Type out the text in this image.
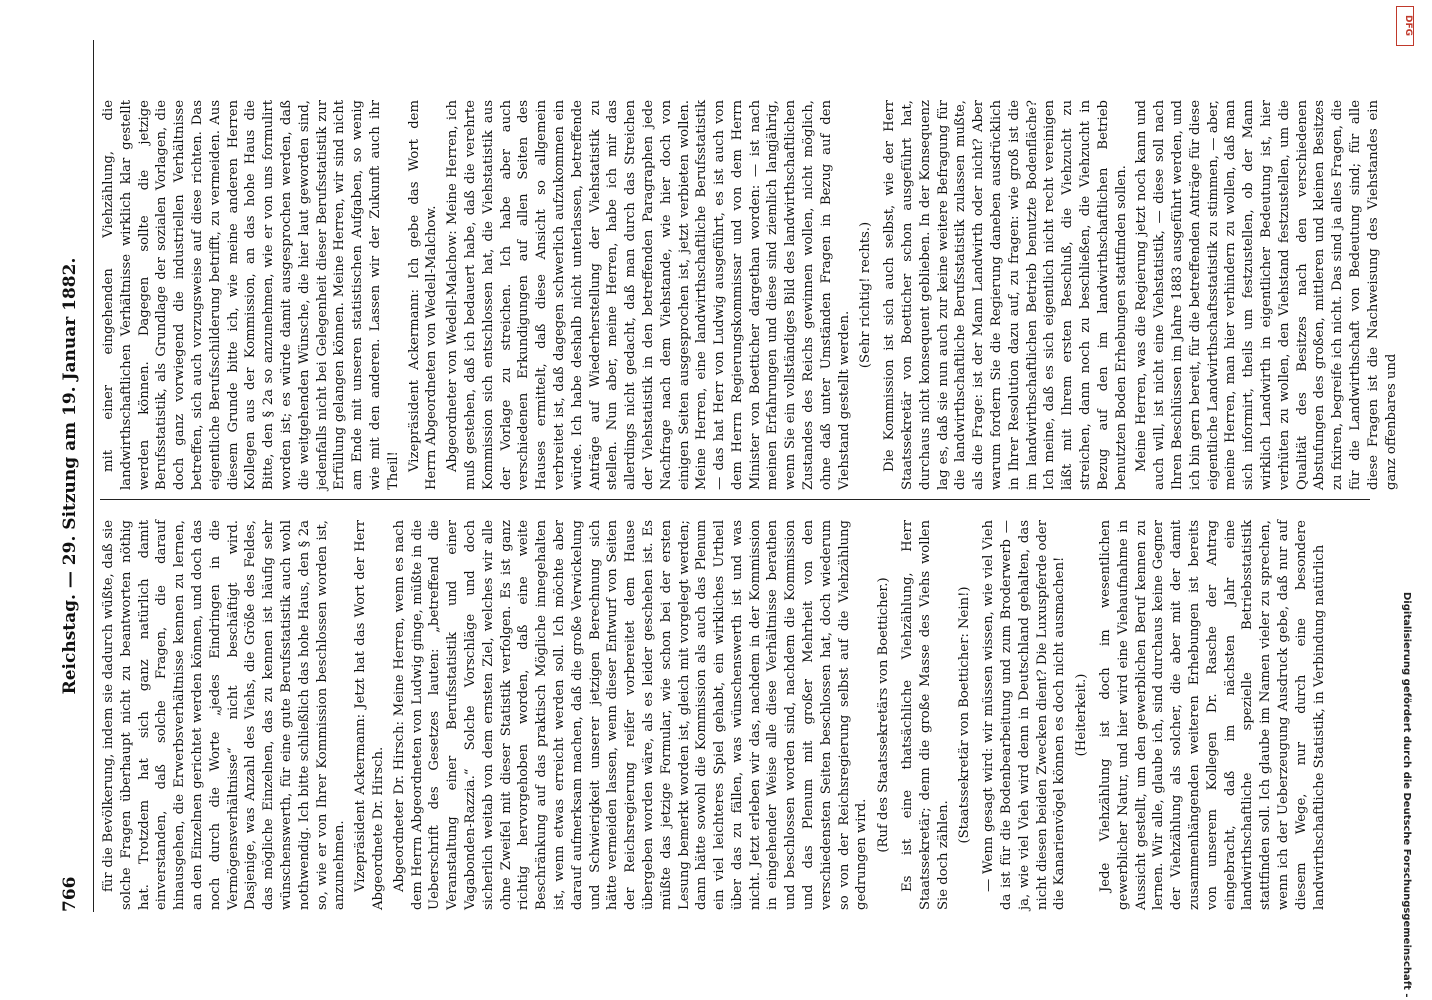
766
Reichstag. — 29. Sitzung am 19. Januar 1882.

für die Bevölkerung, indem sie dadurch wüßte, daß sie solche Fragen überhaupt nicht zu beantworten nöthig hat. Trotzdem hat sich ganz natürlich damit einverstanden, daß solche Fragen, die darauf hinausgehen, die Erwerbsverhältnisse kennen zu lernen, an den Einzelnen gerichtet werden können, und doch das noch durch die Worte „jedes Eindringen in die Vermögensverhältnisse“ nicht beschäftigt wird. Dasjenige, was Anzahl des Viehs, die Größe des Feldes, das mögliche Einzelnen, das zu kennen ist häufig sehr wünschenswerth, für eine gute Berufsstatistik auch wohl nothwendig. Ich bitte schließlich das hohe Haus, den § 2a so, wie er von Ihrer Kommission beschlossen worden ist, anzunehmen. Vizepräsident Ackermann: Jetzt hat das Wort der Herr Abgeordnete Dr. Hirsch. Abgeordneter Dr. Hirsch: Meine Herren, wenn es nach dem Herrn Abgeordneten von Ludwig ginge, müßte in die Ueberschrift des Gesetzes lauten: „betreffend die Veranstaltung einer Berufsstatistik und einer Vagabonden-Razzia.“ Solche Vorschläge und doch sicherlich weitab von dem ernsten Ziel, welches wir alle ohne Zweifel mit dieser Statistik verfolgen. Es ist ganz richtig hervorgehoben worden, daß eine weite Beschränkung auf das praktisch Mögliche innegehalten ist, wenn etwas erreicht werden soll. Ich möchte aber darauf aufmerksam machen, daß die große Verwickelung und Schwierigkeit unserer jetzigen Berechnung sich hätte vermeiden lassen, wenn dieser Entwurf von Seiten der Reichsregierung reifer vorbereitet dem Hause übergeben worden wäre, als es leider geschehen ist. Es müßte das jetzige Formular, wie schon bei der ersten Lesung bemerkt worden ist, gleich mit vorgelegt werden; dann hätte sowohl die Kommission als auch das Plenum ein viel leichteres Spiel gehabt, ein wirkliches Urtheil über das zu fällen, was wünschenswerth ist und was nicht. Jetzt erleben wir das, nachdem in der Kommission in eingehender Weise alle diese Verhältnisse berathen und beschlossen worden sind, nachdem die Kommission und das Plenum mit großer Mehrheit von den verschiedensten Seiten beschlossen hat, doch wiederum so von der Reichsregierung selbst auf die Viehzählung gedrungen wird.

(Ruf des Staatssekretärs von Boetticher.) Es ist eine thatsächliche Viehzählung, Herr Staatssekretär; denn die große Masse des Viehs wollen Sie doch zählen.

(Staatssekretär von Boetticher: Nein!) — Wenn gesagt wird: wir müssen wissen, wie viel Vieh da ist für die Bodenbearbeitung und zum Broderwerb — ja, wie viel Vieh wird denn in Deutschland gehalten, das nicht diesen beiden Zwecken dient? Die Luxuspferde oder die Kanarienvögel können es doch nicht ausmachen! (Heiterkeit.) Jede Viehzählung ist doch im wesentlichen gewerblicher Natur, und hier wird eine Viehaufnahme in Aussicht gestellt, um den gewerblichen Beruf kennen zu lernen. Wir alle, glaube ich, sind durchaus keine Gegner der Viehzählung als solcher, die aber mit der damit zusammenhängenden weiteren Erhebungen ist bereits von unserem Kollegen Dr. Rasche der Antrag eingebracht, daß im nächsten Jahr eine landwirthschaftliche spezielle Betriebsstatistik stattfinden soll. Ich glaube im Namen vieler zu sprechen, wenn ich der Ueberzeugung Ausdruck gebe, daß nur auf diesem Wege, nur durch eine besondere landwirthschaftliche Statistik, in Verbindung natürlich

mit einer eingehenden Viehzählung, die landwirthschaftlichen Verhältnisse wirklich klar gestellt werden können. Dagegen sollte die jetzige Berufsstatistik, als Grundlage der sozialen Vorlagen, die doch ganz vorwiegend die industriellen Verhältnisse betreffen, sich auch vorzugsweise auf diese richten. Das eigentliche Berufsschilderung betrifft, zu vermeiden. Aus diesem Grunde bitte ich, wie meine anderen Herren Kollegen aus der Kommission, an das hohe Haus die Bitte, den § 2a so anzunehmen, wie er von uns formulirt worden ist; es würde damit ausgesprochen werden, daß die weitgehenden Wünsche, die hier laut geworden sind, jedenfalls nicht bei Gelegenheit dieser Berufsstatistik zur Erfüllung gelangen können. Meine Herren, wir sind nicht am Ende mit unseren statistischen Aufgaben, so wenig wie mit den anderen. Lassen wir der Zukunft auch ihr Theil! Vizepräsident Ackermann: Ich gebe das Wort dem Herrn Abgeordneten von Wedell-Malchow. Abgeordneter von Wedell-Malchow: Meine Herren, ich muß gestehen, daß ich bedauert habe, daß die verehrte Kommission sich entschlossen hat, die Viehstatistik aus der Vorlage zu streichen. Ich habe aber auch verschiedenen Erkundigungen auf allen Seiten des Hauses ermittelt, daß diese Ansicht so allgemein verbreitet ist, daß dagegen schwerlich aufzukommen ein würde. Ich habe deshalb nicht unterlassen, betreffende Anträge auf Wiederherstellung der Viehstatistik zu stellen. Nun aber, meine Herren, habe ich mir das allerdings nicht gedacht, daß man durch das Streichen der Viehstatistik in den betreffenden Paragraphen jede Nachfrage nach dem Viehstande, wie hier doch von einigen Seiten ausgesprochen ist, jetzt verbieten wollen. Meine Herren, eine landwirthschaftliche Berufsstatistik — das hat Herr von Ludwig ausgeführt, es ist auch von dem Herrn Regierungskommissar und von dem Herrn Minister von Boetticher dargethan worden: — ist nach meinen Erfahrungen und diese sind ziemlich langjährig, wenn Sie ein vollständiges Bild des landwirthschaftlichen Zustandes des Reichs gewinnen wollen, nicht möglich, ohne daß unter Umständen Fragen in Bezug auf den Viehstand gestellt werden.

(Sehr richtig! rechts.) Die Kommission ist sich auch selbst, wie der Herr Staatssekretär von Boetticher schon ausgeführt hat, durchaus nicht konsequent geblieben. In der Konsequenz lag es, daß sie nun auch zur keine weitere Befragung für die landwirthschaftliche Berufsstatistik zulassen mußte, als die Frage: ist der Mann Landwirth oder nicht? Aber warum fordern Sie die Regierung daneben ausdrücklich in Ihrer Resolution dazu auf, zu fragen: wie groß ist die im landwirthschaftlichen Betrieb benutzte Bodenfläche? Ich meine, daß es sich eigentlich nicht recht vereinigen läßt mit Ihrem ersten Beschluß, die Viehzucht zu streichen, dann noch zu beschließen, die Viehzucht in Bezug auf den im landwirthschaftlichen Betrieb benutzten Boden Erhebungen stattfinden sollen. Meine Herren, was die Regierung jetzt noch kann und auch will, ist nicht eine Viehstatistik, — diese soll nach Ihren Beschlüssen im Jahre 1883 ausgeführt werden, und ich bin gern bereit, für die betreffenden Anträge für diese eigentliche Landwirthschaftsstatistik zu stimmen, — aber, meine Herren, man hier verhindern zu wollen, daß man sich informirt, theils um festzustellen, ob der Mann wirklich Landwirth in eigentlicher Bedeutung ist, hier verhüten zu wollen, den Viehstand festzustellen, um die Qualität des Besitzes nach den verschiedenen Abstufungen des großen, mittleren und kleinen Besitzes zu fixiren, begreife ich nicht. Das sind ja alles Fragen, die für die Landwirthschaft von Bedeutung sind; für alle diese Fragen ist die Nachweisung des Viehstandes ein ganz offenbares und

Digitalisierung gefördert durch die Deutsche Forschungsgemeinschaft -
DFG
